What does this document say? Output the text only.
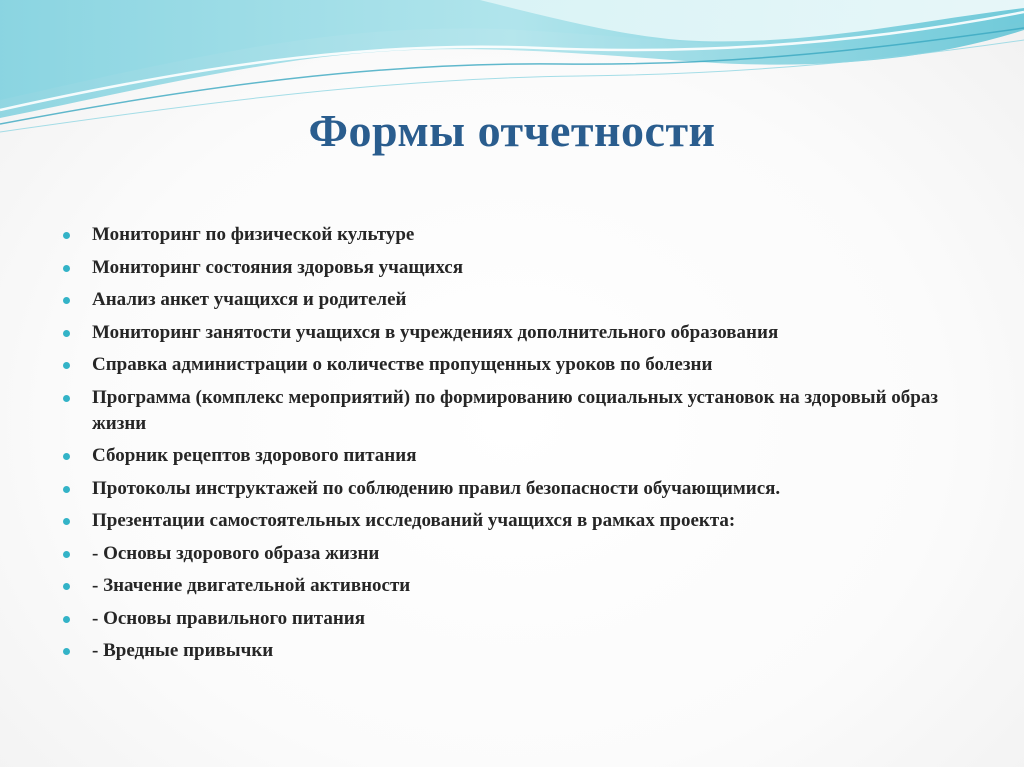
Формы отчетности
Мониторинг по физической культуре
Мониторинг состояния здоровья учащихся
Анализ анкет учащихся и родителей
Мониторинг занятости учащихся в учреждениях дополнительного образования
Справка администрации о количестве пропущенных уроков по болезни
Программа (комплекс мероприятий) по формированию социальных установок на здоровый образ жизни
Сборник рецептов здорового питания
Протоколы инструктажей по соблюдению правил безопасности обучающимися.
Презентации самостоятельных исследований учащихся в рамках проекта:
- Основы здорового образа жизни
- Значение двигательной активности
- Основы правильного питания
- Вредные привычки
